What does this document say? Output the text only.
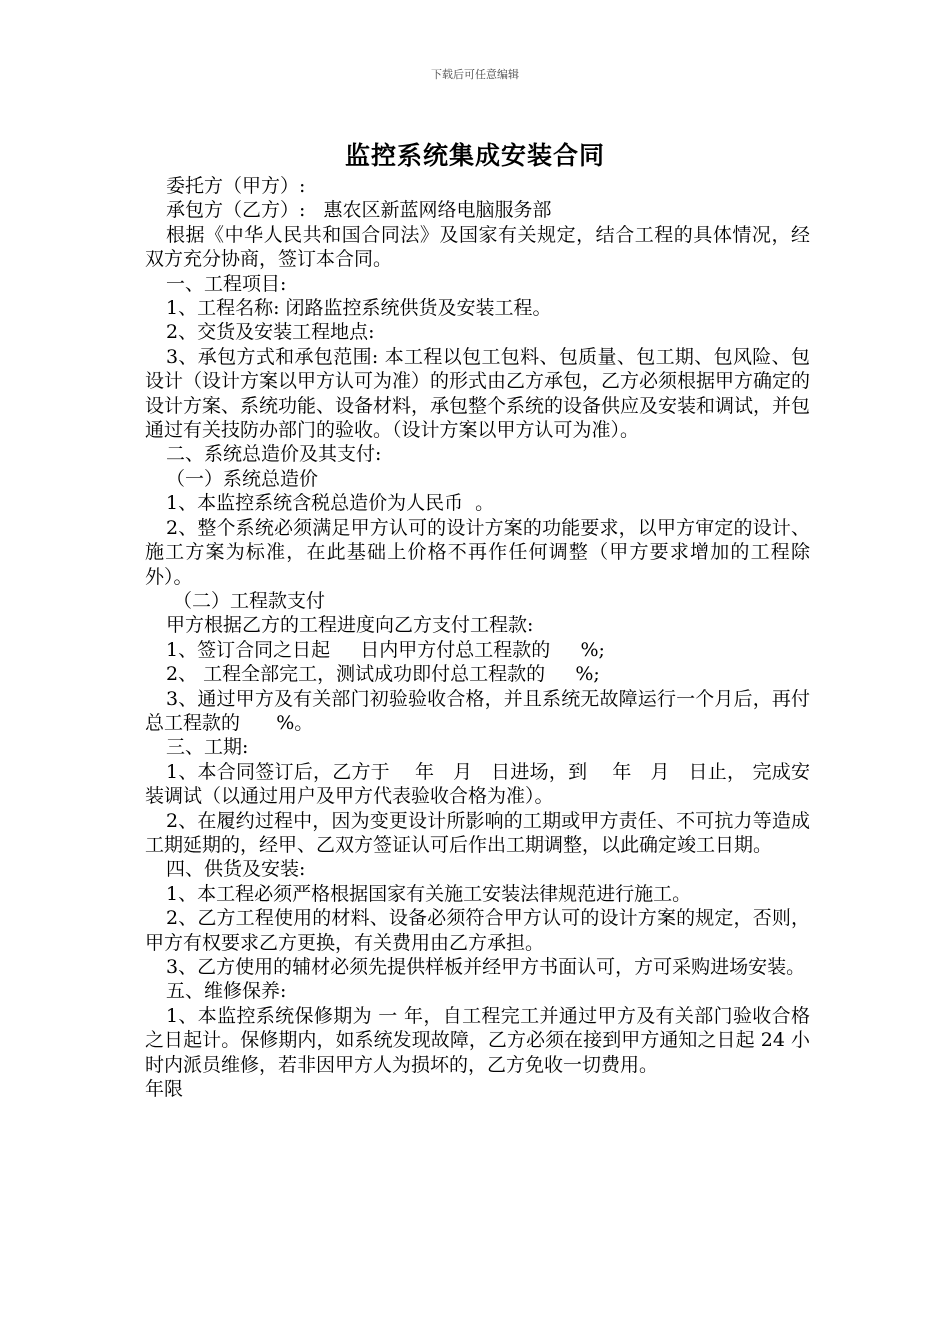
下载后可任意编辑
监控系统集成安装合同

委托方（甲方）:

承包方（乙方）:   惠农区新蓝网络电脑服务部

根据《中华人民共和国合同法》及国家有关规定，结合工程的具体情况，经双方充分协商，签订本合同。

一、工程项目:

1、工程名称: 闭路监控系统供货及安装工程。

2、交货及安装工程地点:

3、承包方式和承包范围: 本工程以包工包料、包质量、包工期、包风险、包设计（设计方案以甲方认可为准）的形式由乙方承包，乙方必须根据甲方确定的设计方案、系统功能、设备材料，承包整个系统的设备供应及安装和调试，并包通过有关技防办部门的验收。（设计方案以甲方认可为准）。

二、系统总造价及其支付:

（一）系统总造价

1、本监控系统含税总造价为人民币  。

2、整个系统必须满足甲方认可的设计方案的功能要求，以甲方审定的设计、施工方案为标准，在此基础上价格不再作任何调整（甲方要求增加的工程除外）。

（二）工程款支付

甲方根据乙方的工程进度向乙方支付工程款:

1、签订合同之日起     日内甲方付总工程款的     %;

2、 工程全部完工，测试成功即付总工程款的     %;

3、通过甲方及有关部门初验验收合格，并且系统无故障运行一个月后，再付总工程款的      %。

三、工期:

1、本合同签订后，乙方于    年   月   日进场，到    年   月   日止， 完成安装调试（以通过用户及甲方代表验收合格为准）。

2、在履约过程中，因为变更设计所影响的工期或甲方责任、不可抗力等造成工期延期的，经甲、乙双方签证认可后作出工期调整，以此确定竣工日期。

四、供货及安装:

1、本工程必须严格根据国家有关施工安装法律规范进行施工。

2、乙方工程使用的材料、设备必须符合甲方认可的设计方案的规定，否则，甲方有权要求乙方更换，有关费用由乙方承担。

3、乙方使用的辅材必须先提供样板并经甲方书面认可，方可采购进场安装。

五、维修保养:

1、本监控系统保修期为 一 年，自工程完工并通过甲方及有关部门验收合格之日起计。保修期内，如系统发现故障，乙方必须在接到甲方通知之日起 24 小时内派员维修，若非因甲方人为损坏的，乙方免收一切费用。

年限
